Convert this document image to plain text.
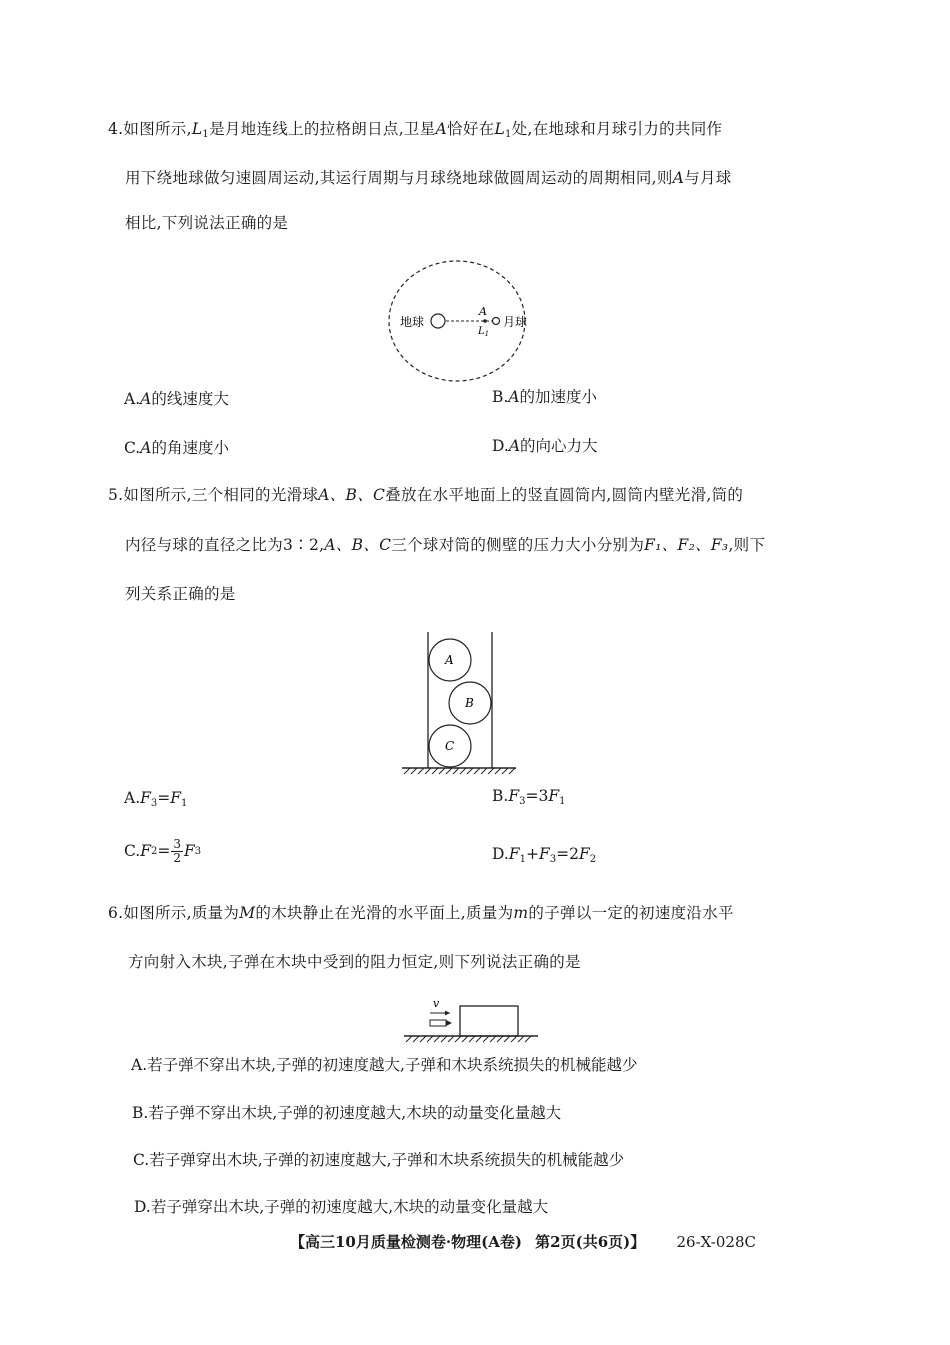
4.如图所示$,L_1$是月地连线上的拉格朗日点,卫星A恰好在$L_1$处,在地球和月球引力的共同作
用下绕地球做匀速圆周运动,其运行周期与月球绕地球做圆周运动的周期相同,则A与月球
相比,下列说法正确的是
地球
A
$L_1$
月球
A.A的线速度大	B.A的加速度小
C.A的角速度小	D.A的向心力大
5.如图所示,三个相同的光滑球A、B、C叠放在水平地面上的竖直圆筒内,圆筒内壁光滑,筒的
内径与球的直径之比为3∶2,A、B、C三个球对筒的侧壁的压力大小分别为F₁、F₂、F₃,则下
列关系正确的是
A
B
C
$A.F_3=F_1$	$B.F_3=3F_1$
C. F $2 = \frac{3}{2}$ F 3	$D.F_1+F_3=2F_2$
6.如图所示,质量为M的木块静止在光滑的水平面上,质量为m的子弹以一定的初速度沿水平
方向射入木块,子弹在木块中受到的阻力恒定,则下列说法正确的是
v
A.若子弹不穿出木块,子弹的初速度越大,子弹和木块系统损失的机械能越少
B.若子弹不穿出木块,子弹的初速度越大,木块的动量变化量越大
C.若子弹穿出木块,子弹的初速度越大,子弹和木块系统损失的机械能越少
D.若子弹穿出木块,子弹的初速度越大,木块的动量变化量越大
【高三10月质量检测卷·物理(A卷) 第2页(共6页)】 26-X-028C
